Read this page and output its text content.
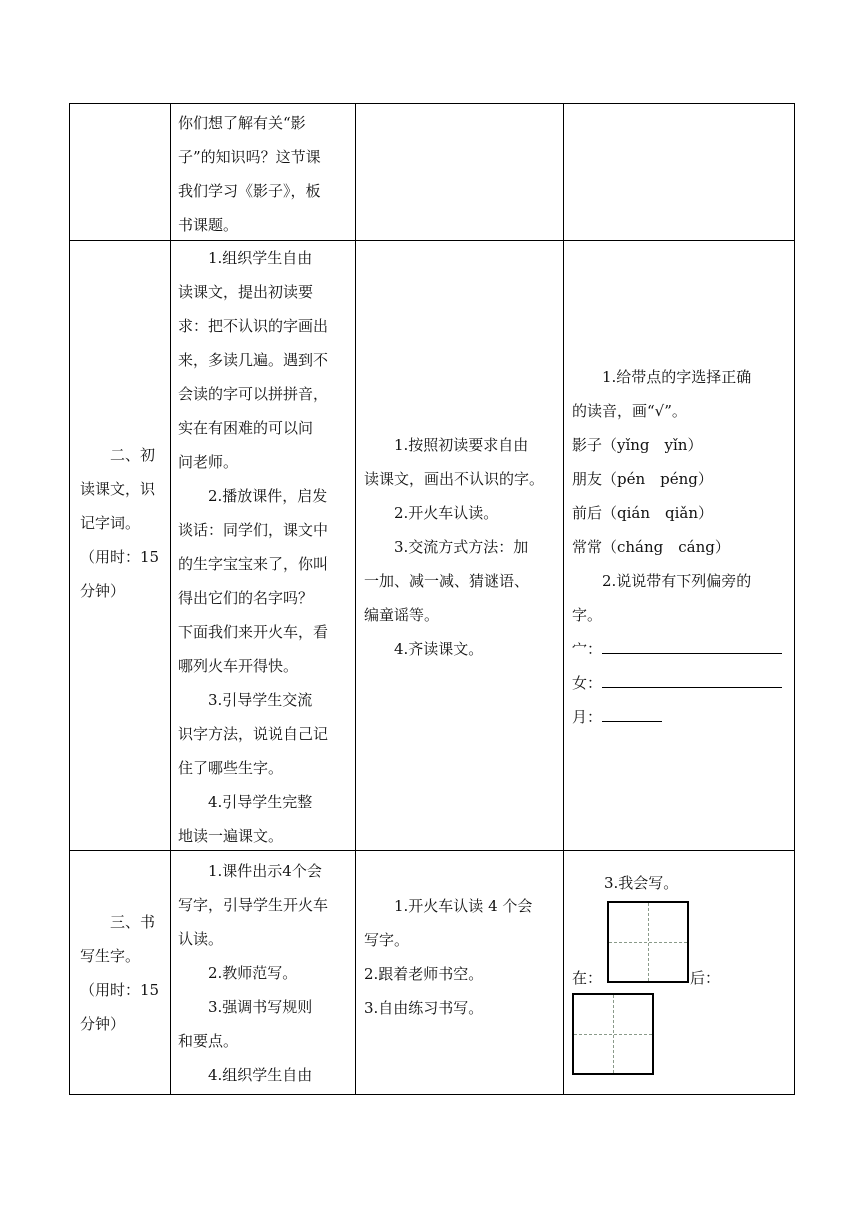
你们想了解有关“影

子”的知识吗？这节课

我们学习《影子》，板

书课题。

二、初

读课文，识

记字词。

（用时：15

分钟）

1.组织学生自由

读课文，提出初读要

求：把不认识的字画出

来，多读几遍。遇到不

会读的字可以拼拼音，

实在有困难的可以问

问老师。

2.播放课件，启发

谈话：同学们，课文中

的生字宝宝来了，你叫

得出它们的名字吗？

下面我们来开火车，看

哪列火车开得快。

3.引导学生交流

识字方法，说说自己记

住了哪些生字。

4.引导学生完整

地读一遍课文。

1.按照初读要求自由

读课文，画出不认识的字。

2.开火车认读。

3.交流方式方法：加

一加、减一减、猜谜语、

编童谣等。

4.齐读课文。

1.给带点的字选择正确

的读音，画“√”。

影子（yǐng　yǐn）

朋友（pén　péng）

前后（qián　qiǎn）

常常（cháng　cáng）

2.说说带有下列偏旁的

字。

宀：

女：

月：

三、书

写生字。

（用时：15

分钟）

1.课件出示4个会

写字，引导学生开火车

认读。

2.教师范写。

3.强调书写规则

和要点。

4.组织学生自由

1.开火车认读 4 个会

写字。

2.跟着老师书空。

3.自由练习书写。

3.我会写。
在：	后：
